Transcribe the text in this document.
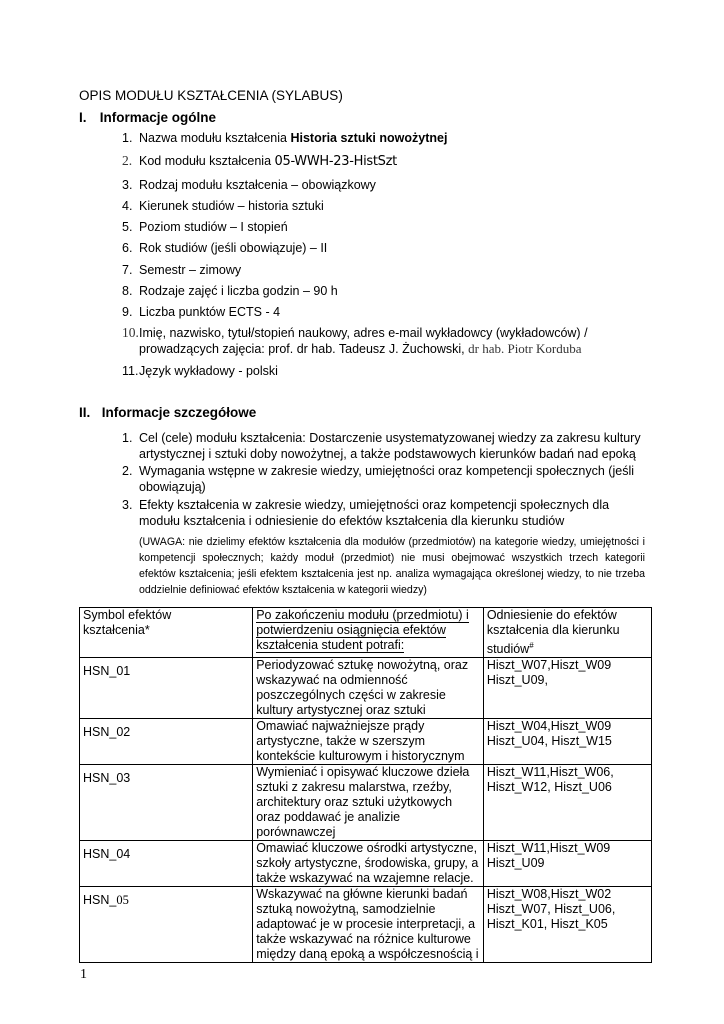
OPIS MODUŁU KSZTAŁCENIA (SYLABUS)
I. Informacje ogólne
1. Nazwa modułu kształcenia Historia sztuki nowożytnej
2. Kod modułu kształcenia 05-WWH-23-HistSzt
3. Rodzaj modułu kształcenia – obowiązkowy
4. Kierunek studiów – historia sztuki
5. Poziom studiów – I stopień
6. Rok studiów (jeśli obowiązuje) – II
7. Semestr – zimowy
8. Rodzaje zajęć i liczba godzin – 90 h
9. Liczba punktów ECTS - 4
10. Imię, nazwisko, tytuł/stopień naukowy, adres e-mail wykładowcy (wykładowców) / prowadzących zajęcia: prof. dr hab. Tadeusz J. Żuchowski, dr hab. Piotr Korduba
11. Język wykładowy - polski
II. Informacje szczegółowe
1. Cel (cele) modułu kształcenia: Dostarczenie usystematyzowanej wiedzy za zakresu kultury artystycznej i sztuki doby nowożytnej, a także podstawowych kierunków badań nad epoką
2. Wymagania wstępne w zakresie wiedzy, umiejętności oraz kompetencji społecznych (jeśli obowiązują)
3. Efekty kształcenia w zakresie wiedzy, umiejętności oraz kompetencji społecznych dla modułu kształcenia i odniesienie do efektów kształcenia dla kierunku studiów
(UWAGA: nie dzielimy efektów kształcenia dla modułów (przedmiotów) na kategorie wiedzy, umiejętności i kompetencji społecznych; każdy moduł (przedmiot) nie musi obejmować wszystkich trzech kategorii efektów kształcenia; jeśli efektem kształcenia jest np. analiza wymagająca określonej wiedzy, to nie trzeba oddzielnie definiować efektów kształcenia w kategorii wiedzy)
Symbol efektów kształcenia*	Po zakończeniu modułu (przedmiotu) i potwierdzeniu osiągnięcia efektów kształcenia student potrafi:	Odniesienie do efektów kształcenia dla kierunku studiów#

HSN_01	Periodyzować sztukę nowożytną, oraz wskazywać na odmienność poszczególnych części w zakresie kultury artystycznej oraz sztuki	Hiszt_W07,Hiszt_W09 Hiszt_U09,

HSN_02	Omawiać najważniejsze prądy artystyczne, także w szerszym kontekście kulturowym i historycznym	Hiszt_W04,Hiszt_W09 Hiszt_U04, Hiszt_W15

HSN_03	Wymieniać i opisywać kluczowe dzieła sztuki z zakresu malarstwa, rzeźby, architektury oraz sztuki użytkowych oraz poddawać je analizie porównawczej	Hiszt_W11,Hiszt_W06, Hiszt_W12, Hiszt_U06

HSN_04	Omawiać kluczowe ośrodki artystyczne, szkoły artystyczne, środowiska, grupy, a także wskazywać na wzajemne relacje.	Hiszt_W11,Hiszt_W09 Hiszt_U09

HSN_05	Wskazywać na główne kierunki badań sztuką nowożytną, samodzielnie adaptować je w procesie interpretacji, a także wskazywać na różnice kulturowe między daną epoką a współczesnością i	Hiszt_W08,Hiszt_W02 Hiszt_W07, Hiszt_U06, Hiszt_K01, Hiszt_K05
1
